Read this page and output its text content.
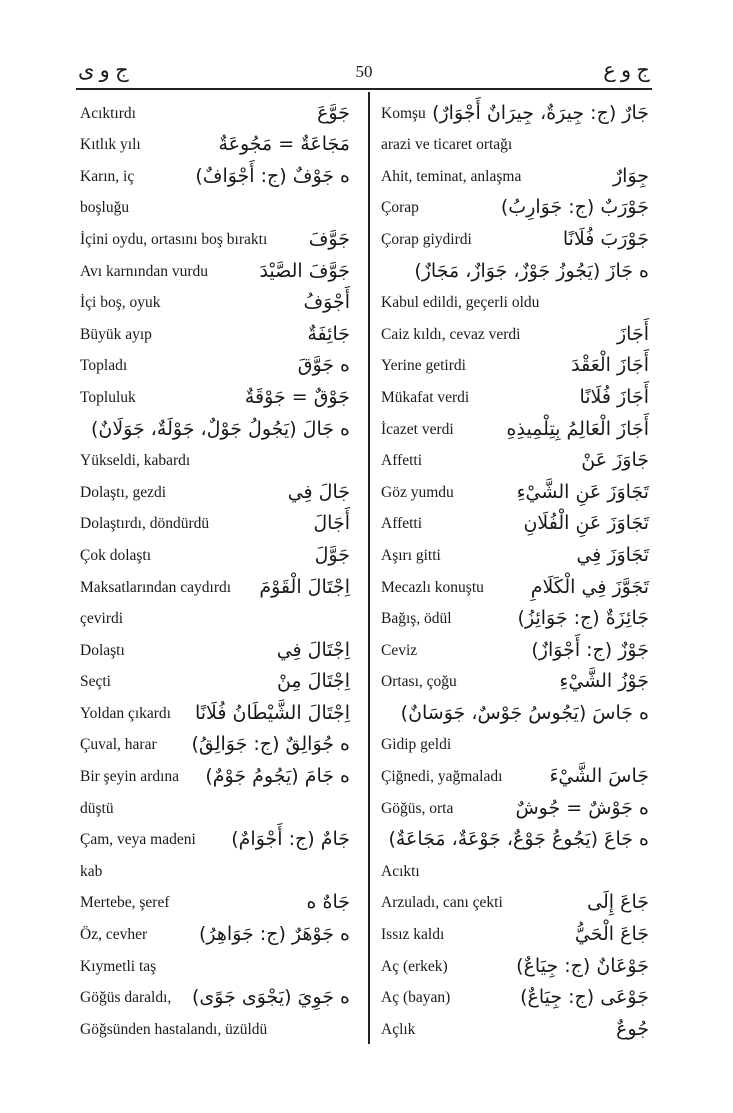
ج و ى	50	ج و ع
Acıktırdı	جَوَّعَ
Kıtlık yılı	مَجَاعَةٌ = مَجُوعَةٌ
Karın, iç	ه جَوْفٌ (ج: أَجْوَافٌ)
boşluğu
İçini oydu, ortasını boş bıraktı جَوَّفَ
Avı karnından vurdu	جَوَّفَ الصَّيْدَ
İçi boş, oyuk	أَجْوَفُ
Büyük ayıp	جَائِفَةٌ
Topladı	ه جَوَّقَ
Topluluk	جَوْقٌ = جَوْقَةٌ
ه جَالَ (يَجُولُ جَوْلٌ، جَوْلَةٌ، جَوَلَانٌ)
Yükseldi, kabardı
Dolaştı, gezdi	جَالَ فِي
Dolaştırdı, döndürdü	أَجَالَ
Çok dolaştı	جَوَّلَ
Maksatlarından caydırdı اِجْتَالَ الْقَوْمَ
çevirdi
Dolaştı	اِجْتَالَ فِي
Seçti	اِجْتَالَ مِنْ
Yoldan çıkardı اِجْتَالَ الشَّيْطَانُ فُلَانًا
Çuval, harar ه جُوَالِقٌ (ج: جَوَالِقُ)
Bir şeyin ardına ه جَامَ (يَجُومُ جَوْمٌ)
düştü
Çam, veya madeni جَامٌ (ج: أَجْوَامٌ)
kab
Mertebe, şeref	جَاهٌ ه
Öz, cevher	ه جَوْهَرٌ (ج: جَوَاهِرُ)
Kıymetli taş
Göğüs daraldı, ه جَوِيَ (يَجْوَى جَوًى)
Göğsünden hastalandı, üzüldü
Komşu جَارٌ (ج: جِيرَةٌ، جِيرَانٌ أَجْوَارٌ)
arazi ve ticaret ortağı
Ahit, teminat, anlaşma	جِوَارٌ
Çorap	جَوْرَبٌ (ج: جَوَارِبُ)
Çorap giydirdi	جَوْرَبَ فُلَانًا
ه جَازَ (يَجُوزُ جَوْزٌ، جَوَازٌ، مَجَازٌ)
Kabul edildi, geçerli oldu
Caiz kıldı, cevaz verdi	أَجَازَ
Yerine getirdi	أَجَازَ الْعَقْدَ
Mükafat verdi	أَجَازَ فُلَانًا
İcazet verdi	أَجَازَ الْعَالِمُ بِتِلْمِيذِهِ
Affetti	جَاوَزَ عَنْ
Göz yumdu	تَجَاوَزَ عَنِ الشَّيْءِ
Affetti	تَجَاوَزَ عَنِ الْفُلَانِ
Aşırı gitti	تَجَاوَزَ فِي
Mecazlı konuştu تَجَوَّزَ فِي الْكَلَامِ
Bağış, ödül	جَائِزَةٌ (ج: جَوَائِزُ)
Ceviz	جَوْزٌ (ج: أَجْوَازٌ)
Ortası, çoğu	جَوْزُ الشَّيْءِ
ه جَاسَ (يَجُوسُ جَوْسٌ، جَوَسَانٌ)
Gidip geldi
Çiğnedi, yağmaladı جَاسَ الشَّيْءَ
Göğüs, orta	ه جَوْشٌ = جُوشٌ
ه جَاعَ (يَجُوعُ جَوْعٌ، جَوْعَةٌ، مَجَاعَةٌ)
Acıktı
Arzuladı, canı çekti	جَاعَ إِلَى
Issız kaldı	جَاعَ الْحَيُّ
Aç (erkek)	جَوْعَانٌ (ج: جِيَاعٌ)
Aç (bayan)	جَوْعَى (ج: جِيَاعٌ)
Açlık	جُوعٌ
